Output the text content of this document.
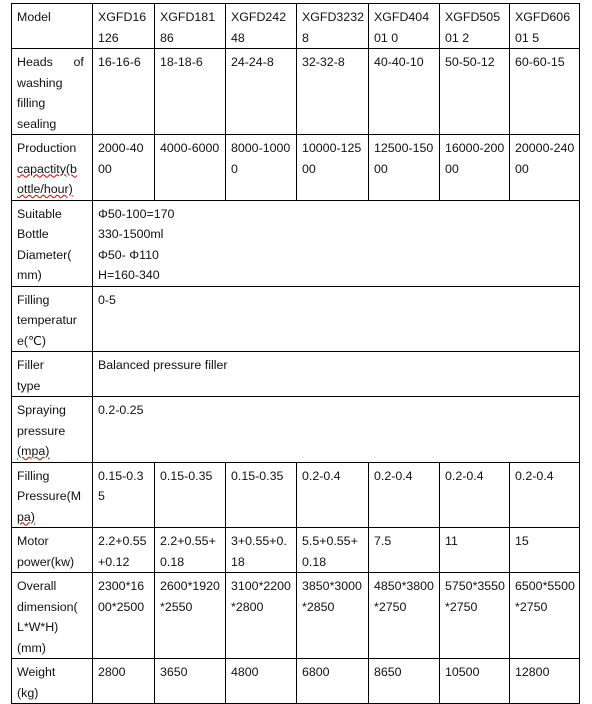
Model	XGFD16126	XGFD18186	XGFD24248	XGFD32328	XGFD40401 0	XGFD50501 2	XGFD60601 5

Heads      of
washing
filling
sealing	16-16-6	18-18-6	24-24-8	32-32-8	40-40-10	50-50-12	60-60-15

Production
capactity(b
ottle/hour)	2000-4000	4000-6000	8000-10000	10000-12500	12500-15000	16000-20000	20000-24000

Suitable
Bottle
Diameter(
mm)	Φ50-100=170
330-1500ml
Φ50- Φ110
H=160-340						

Filling
temperatur
e(℃)	0-5						

Filler
type	Balanced pressure filler						

Spraying
pressure
(mpa)	0.2-0.25						

Filling
Pressure(M
pa)	0.15-0.35	0.15-0.35	0.15-0.35	0.2-0.4	0.2-0.4	0.2-0.4	0.2-0.4

Motor
power(kw)	2.2+0.55+0.12	2.2+0.55+0.18	3+0.55+0.18	5.5+0.55+0.18	7.5	11	15

Overall
dimension(
L*W*H)
(mm)	2300*1600*2500	2600*1920*2550	3100*2200*2800	3850*3000*2850	4850*3800*2750	5750*3550*2750	6500*5500*2750

Weight
(kg)	2800	3650	4800	6800	8650	10500	12800
